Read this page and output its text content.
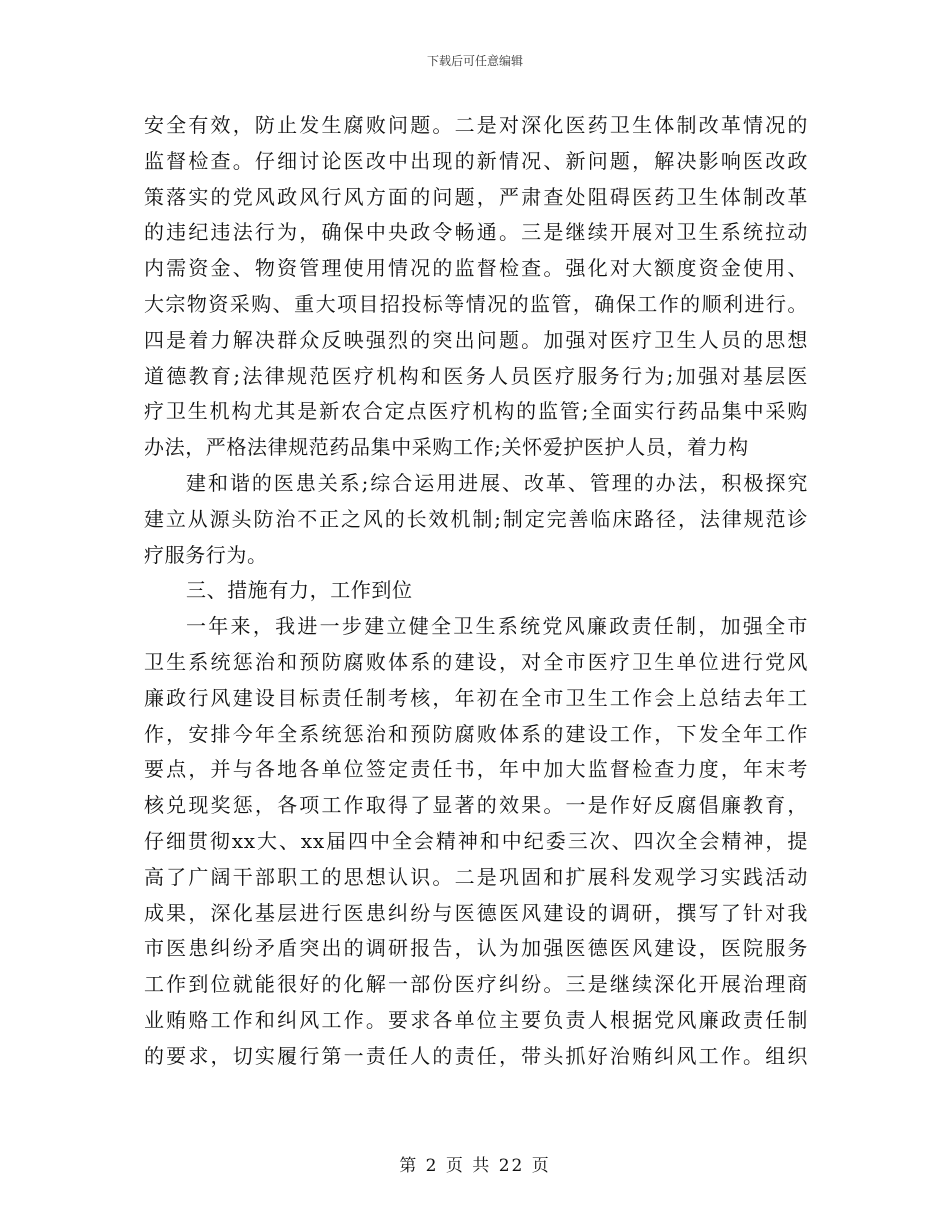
下载后可任意编辑
安全有效，防止发生腐败问题。二是对深化医药卫生体制改革情况的
监督检查。仔细讨论医改中出现的新情况、新问题，解决影响医改政
策落实的党风政风行风方面的问题，严肃查处阻碍医药卫生体制改革
的违纪违法行为，确保中央政令畅通。三是继续开展对卫生系统拉动
内需资金、物资管理使用情况的监督检查。强化对大额度资金使用、
大宗物资采购、重大项目招投标等情况的监管，确保工作的顺利进行。
四是着力解决群众反映强烈的突出问题。加强对医疗卫生人员的思想
道德教育;法律规范医疗机构和医务人员医疗服务行为;加强对基层医
疗卫生机构尤其是新农合定点医疗机构的监管;全面实行药品集中采购
办法，严格法律规范药品集中采购工作;关怀爱护医护人员，着力构
建和谐的医患关系;综合运用进展、改革、管理的办法，积极探究
建立从源头防治不正之风的长效机制;制定完善临床路径，法律规范诊
疗服务行为。
三、措施有力，工作到位
一年来，我进一步建立健全卫生系统党风廉政责任制，加强全市
卫生系统惩治和预防腐败体系的建设，对全市医疗卫生单位进行党风
廉政行风建设目标责任制考核，年初在全市卫生工作会上总结去年工
作，安排今年全系统惩治和预防腐败体系的建设工作，下发全年工作
要点，并与各地各单位签定责任书，年中加大监督检查力度，年末考
核兑现奖惩，各项工作取得了显著的效果。一是作好反腐倡廉教育，
仔细贯彻xx大、xx届四中全会精神和中纪委三次、四次全会精神，提
高了广阔干部职工的思想认识。二是巩固和扩展科发观学习实践活动
成果，深化基层进行医患纠纷与医德医风建设的调研，撰写了针对我
市医患纠纷矛盾突出的调研报告，认为加强医德医风建设，医院服务
工作到位就能很好的化解一部份医疗纠纷。三是继续深化开展治理商
业贿赂工作和纠风工作。要求各单位主要负责人根据党风廉政责任制
的要求，切实履行第一责任人的责任，带头抓好治贿纠风工作。组织
第 2 页 共 22 页
